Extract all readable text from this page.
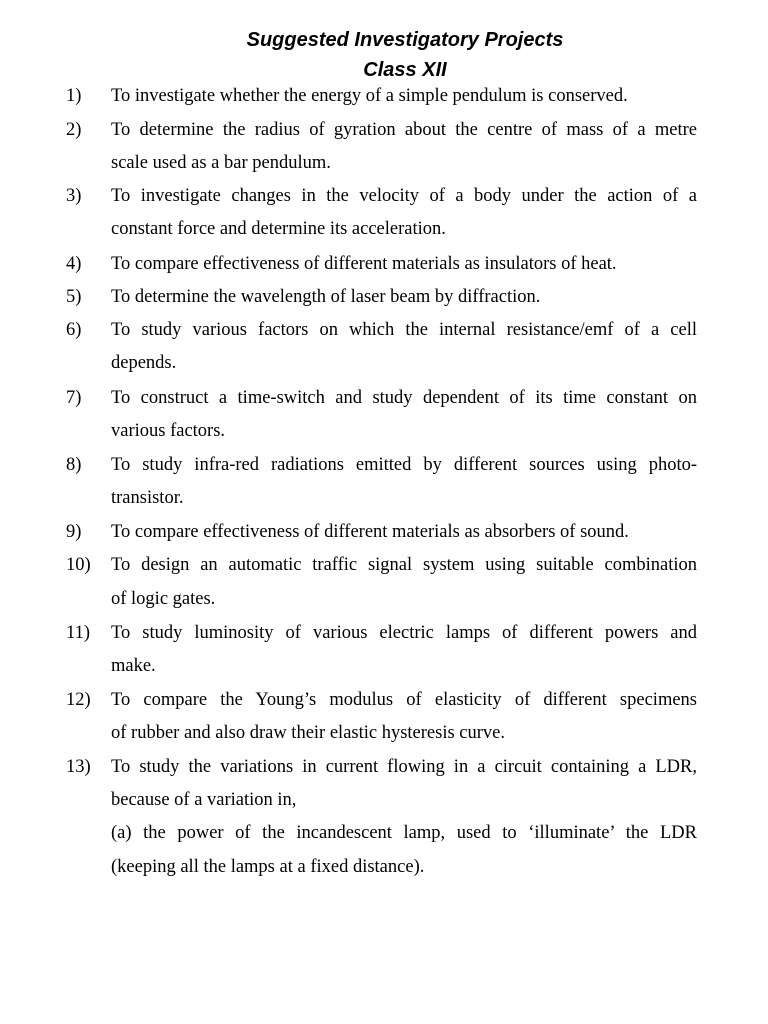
Suggested Investigatory Projects
Class XII
1)	To investigate whether the energy of a simple pendulum is conserved.
2)	To determine the radius of gyration about the centre of mass of a metre
scale used as a bar pendulum.
3)	To investigate changes in the velocity of a body under the action of a
constant force and determine its acceleration.
4)	To compare effectiveness of different materials as insulators of heat.
5)	To determine the wavelength of laser beam by diffraction.
6)	To study various factors on which the internal resistance/emf of a cell
depends.
7)	To construct a time-switch and study dependent of its time constant on
various factors.
8)	To study infra-red radiations emitted by different sources using photo-
transistor.
9)	To compare effectiveness of different materials as absorbers of sound.
10)	To design an automatic traffic signal system using suitable combination
of logic gates.
11)	To study luminosity of various electric lamps of different powers and
make.
12)	To compare the Young’s modulus of elasticity of different specimens
of rubber and also draw their elastic hysteresis curve.
13)	To study the variations in current flowing in a circuit containing a LDR,
because of a variation in,
(a) the power of the incandescent lamp, used to ‘illuminate’ the LDR
(keeping all the lamps at a fixed distance).
